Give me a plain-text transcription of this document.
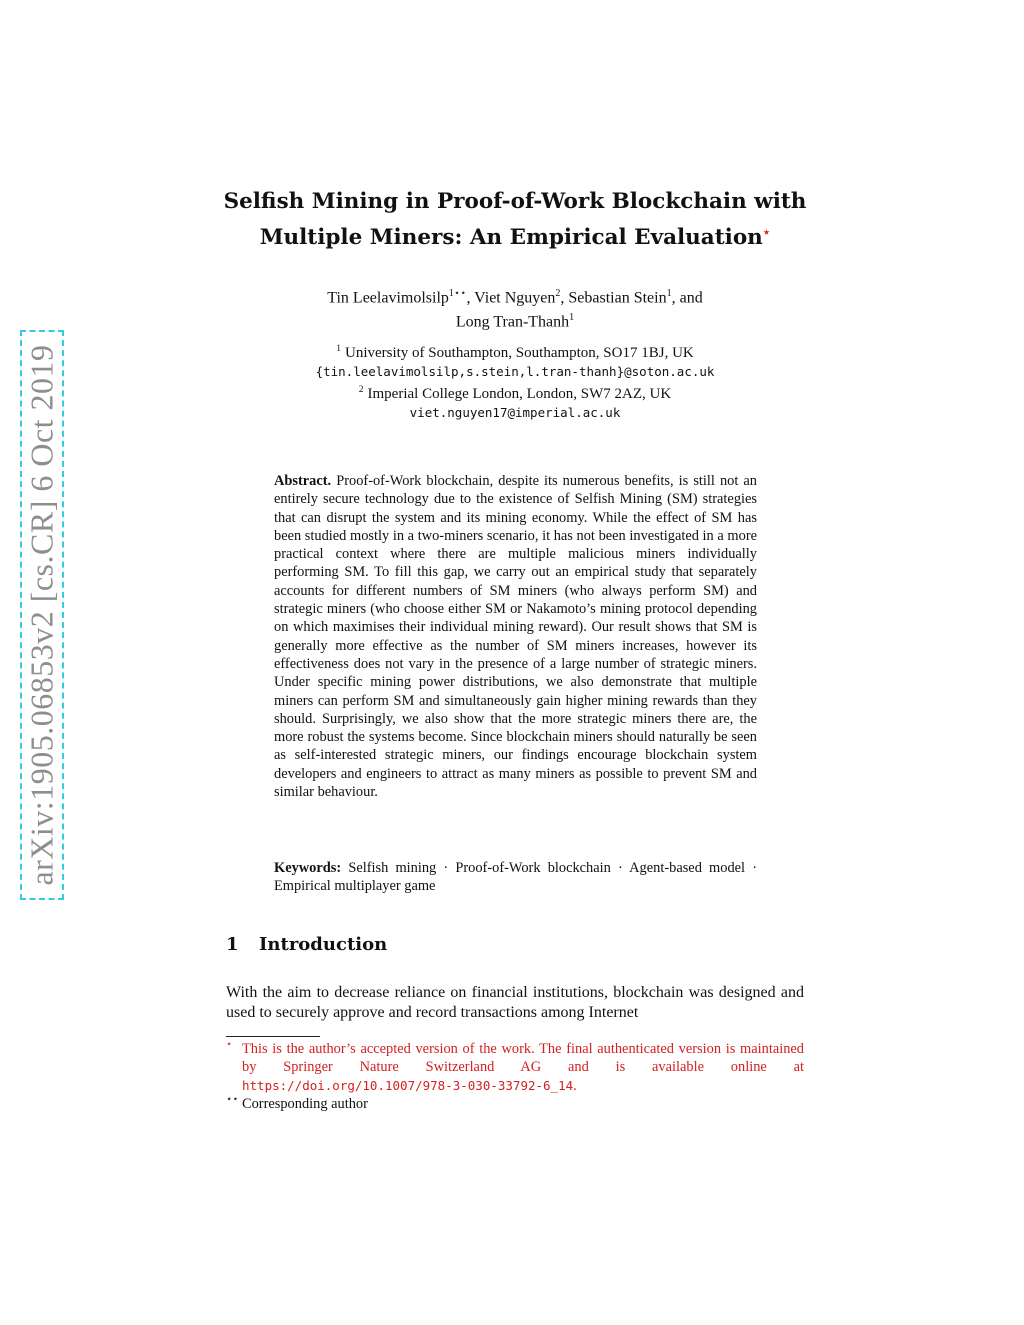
arXiv:1905.06853v2 [cs.CR] 6 Oct 2019
Selfish Mining in Proof-of-Work Blockchain with
Multiple Miners: An Empirical Evaluation⋆
Tin Leelavimolsilp$^{1⋆⋆}$, Viet Nguyen$^2$, Sebastian Stein$^1$, and
Long Tran-Thanh$^1$
$^1$ University of Southampton, Southampton, SO17 1BJ, UK
{tin.leelavimolsilp,s.stein,l.tran-thanh}@soton.ac.uk
$^2$ Imperial College London, London, SW7 2AZ, UK
viet.nguyen17@imperial.ac.uk
Abstract. Proof-of-Work blockchain, despite its numerous benefits, is still not an entirely secure technology due to the existence of Selfish Mining (SM) strategies that can disrupt the system and its mining economy. While the effect of SM has been studied mostly in a two-miners scenario, it has not been investigated in a more practical context where there are multiple malicious miners individually performing SM. To fill this gap, we carry out an empirical study that separately accounts for different numbers of SM miners (who always perform SM) and strategic miners (who choose either SM or Nakamoto’s mining protocol depending on which maximises their individual mining reward). Our result shows that SM is generally more effective as the number of SM miners increases, however its effectiveness does not vary in the presence of a large number of strategic miners. Under specific mining power distributions, we also demonstrate that multiple miners can perform SM and simultaneously gain higher mining rewards than they should. Surprisingly, we also show that the more strategic miners there are, the more robust the systems become. Since blockchain miners should naturally be seen as self-interested strategic miners, our findings encourage blockchain system developers and engineers to attract as many miners as possible to prevent SM and similar behaviour.
Keywords: Selfish mining · Proof-of-Work blockchain · Agent-based model · Empirical multiplayer game
1 Introduction
With the aim to decrease reliance on financial institutions, blockchain was designed and used to securely approve and record transactions among Internet
⋆ This is the author’s accepted version of the work. The final authenticated version is maintained by Springer Nature Switzerland AG and is available online at https://doi.org/10.1007/978-3-030-33792-6_14.
⋆⋆ Corresponding author
